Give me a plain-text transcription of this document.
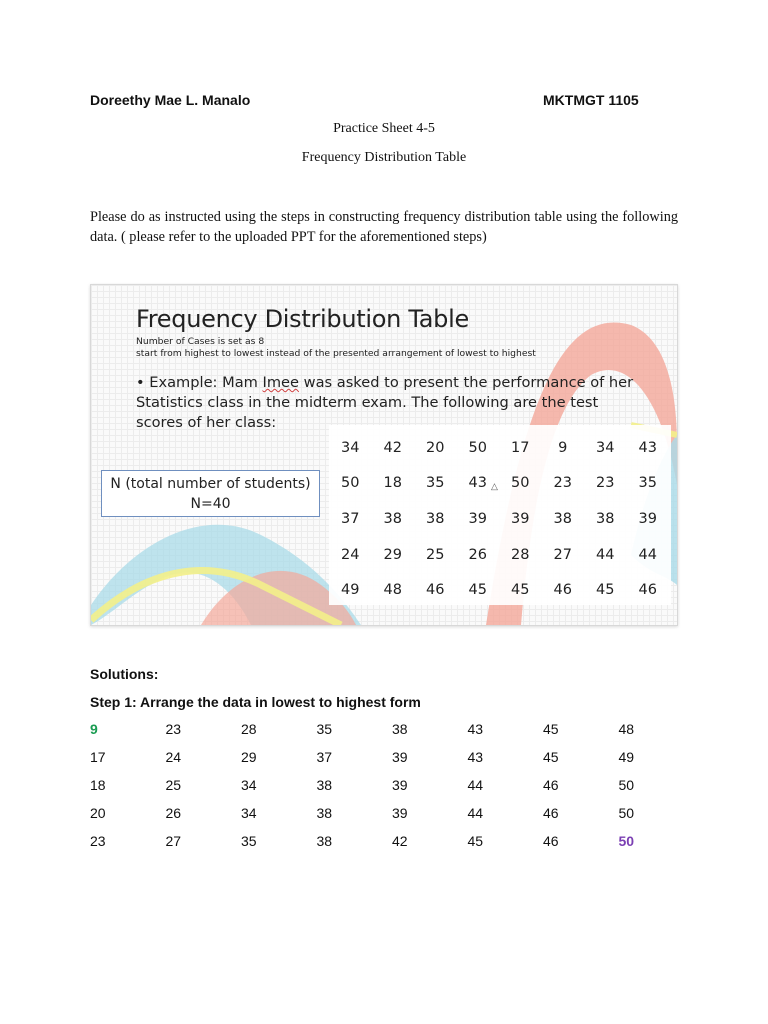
Doreethy Mae L. Manalo	MKTMGT 1105
Practice Sheet 4-5
Frequency Distribution Table
Please do as instructed using the steps in constructing frequency distribution table using the following data. ( please refer to the uploaded PPT for the aforementioned steps)
Frequency Distribution Table
Number of Cases is set as 8
start from highest to lowest instead of the presented arrangement of lowest to highest
• Example: Mam Imee was asked to present the performance of her Statistics class in the midterm exam. The following are the test scores of her class:
N (total number of students)
N=40
34	42	20	50	17	9	34	43
50	18	35	43	50	23	23	35
37	38	38	39	39	38	38	39
24	29	25	26	28	27	44	44
49	48	46	45	45	46	45	46
△
Solutions:
Step 1: Arrange the data in lowest to highest form
9	23	28	35	38	43	45	48
17	24	29	37	39	43	45	49
18	25	34	38	39	44	46	50
20	26	34	38	39	44	46	50
23	27	35	38	42	45	46	50
